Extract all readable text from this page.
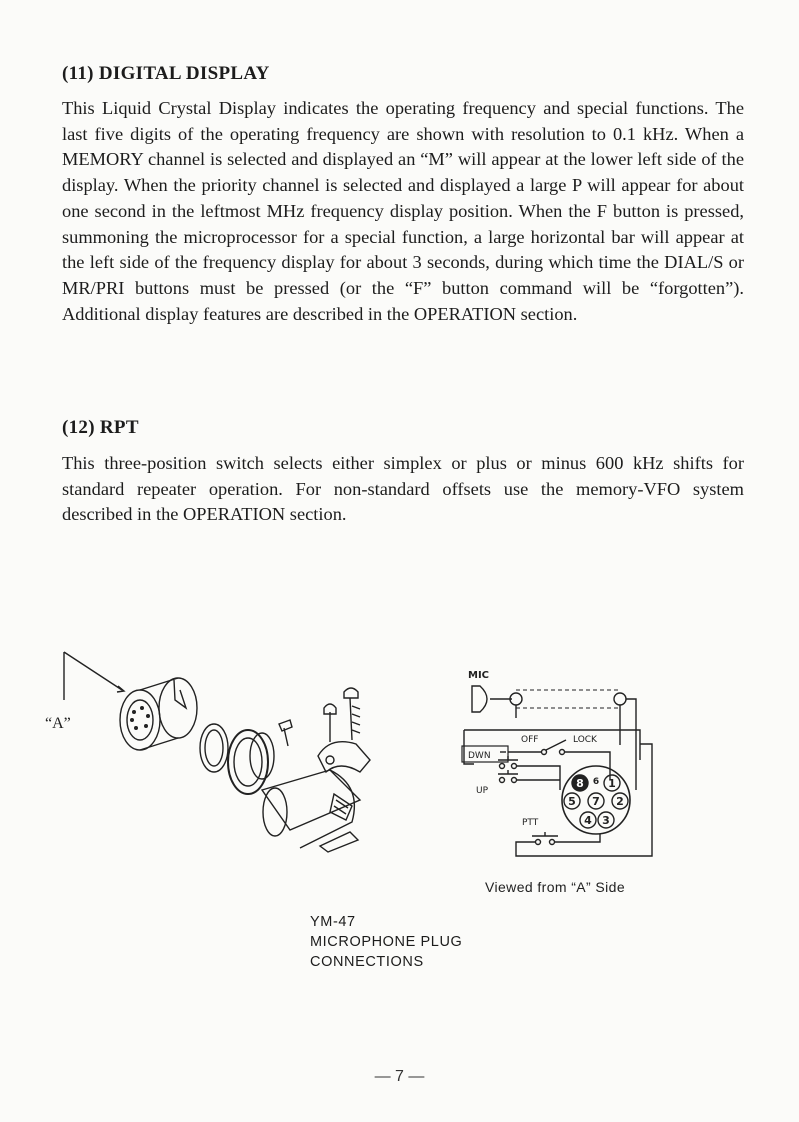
(11) DIGITAL DISPLAY

This Liquid Crystal Display indicates the operating frequency and special functions. The last five digits of the operating frequency are shown with resolution to 0.1 kHz. When a MEMORY channel is selected and displayed an “M” will appear at the lower left side of the display. When the priority channel is selected and displayed a large P will appear for about one second in the leftmost MHz frequency display position. When the F button is pressed, summoning the microprocessor for a special function, a large horizontal bar will appear at the left side of the frequency display for about 3 seconds, during which time the DIAL/S or MR/PRI buttons must be pressed (or the “F” button command will be “forgotten”). Additional display features are described in the OPERATION section.

(12) RPT

This three-position switch selects either simplex or plus or minus 600 kHz shifts for standard repeater operation. For non-standard offsets use the memory-VFO system described in the OPERATION section.

“A”
MIC
OFF	LOCK
DWN
UP
8 1
5 7 2
4 3
6
PTT
Viewed from “A” Side
YM-47
MICROPHONE PLUG
CONNECTIONS
— 7 —
